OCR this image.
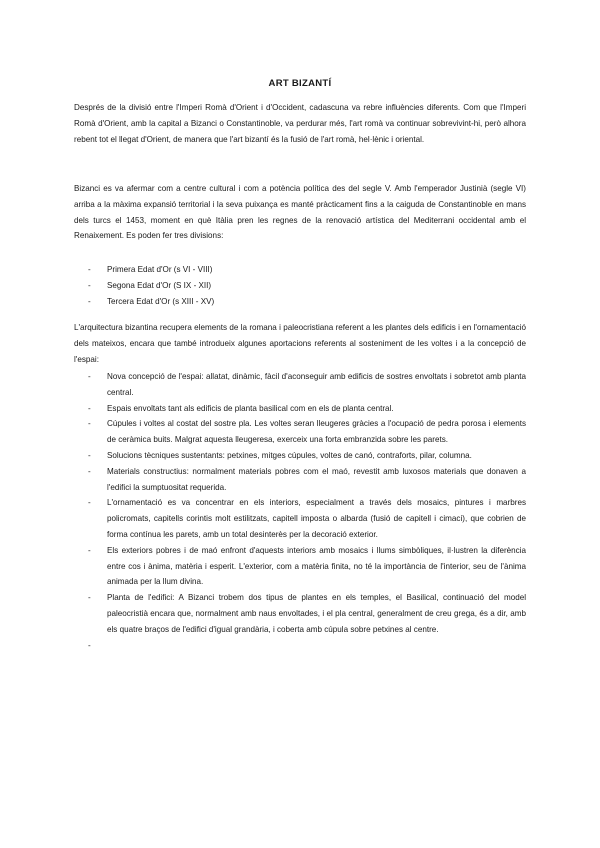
ART BIZANTÍ

Després de la divisió entre l'Imperi Romà d'Orient i d'Occident, cadascuna va rebre influències diferents. Com que l'Imperi Romà d'Orient, amb la capital a Bizanci o Constantinoble, va perdurar més, l'art romà va continuar sobrevivint-hi, però alhora rebent tot el llegat d'Orient, de manera que l'art bizantí és la fusió de l'art romà, hel·lènic i oriental.

Bizanci es va afermar com a centre cultural i com a potència política des del segle V. Amb l'emperador Justinià (segle VI) arriba a la màxima expansió territorial i la seva puixança es manté pràcticament fins a la caiguda de Constantinoble en mans dels turcs el 1453, moment en què Itàlia pren les regnes de la renovació artística del Mediterrani occidental amb el Renaixement. Es poden fer tres divisions:

- Primera Edat d'Or (s VI - VIII)
- Segona Edat d'Or (S IX - XII)
- Tercera Edat d'Or (s XIII - XV)

L'arquitectura bizantina recupera elements de la romana i paleocristiana referent a les plantes dels edificis i en l'ornamentació dels mateixos, encara que també introdueix algunes aportacions referents al sosteniment de les voltes i a la concepció de l'espai:

- Nova concepció de l'espai: allatat, dinàmic, fàcil d'aconseguir amb edificis de sostres envoltats i sobretot amb planta central.
- Espais envoltats tant als edificis de planta basilical com en els de planta central.
- Cúpules i voltes al costat del sostre pla. Les voltes seran lleugeres gràcies a l'ocupació de pedra porosa i elements de ceràmica buits. Malgrat aquesta lleugeresa, exerceix una forta embranzida sobre les parets.
- Solucions tècniques sustentants: petxines, mitges cúpules, voltes de canó, contraforts, pilar, columna.
- Materials constructius: normalment materials pobres com el maó, revestit amb luxosos materials que donaven a l'edifici la sumptuositat requerida.
- L'ornamentació es va concentrar en els interiors, especialment a través dels mosaics, pintures i marbres policromats, capitells corintis molt estilitzats, capitell imposta o albarda (fusió de capitell i cimaci), que cobrien de forma contínua les parets, amb un total desinterès per la decoració exterior.
- Els exteriors pobres i de maó enfront d'aquests interiors amb mosaics i llums simbòliques, il·lustren la diferència entre cos i ànima, matèria i esperit. L'exterior, com a matèria finita, no té la importància de l'interior, seu de l'ànima animada per la llum divina.
- Planta de l'edifici: A Bizanci trobem dos tipus de plantes en els temples, el Basilical, continuació del model paleocristià encara que, normalment amb naus envoltades, i el pla central, generalment de creu grega, és a dir, amb els quatre braços de l'edifici d'igual grandària, i coberta amb cúpula sobre petxines al centre.
-
